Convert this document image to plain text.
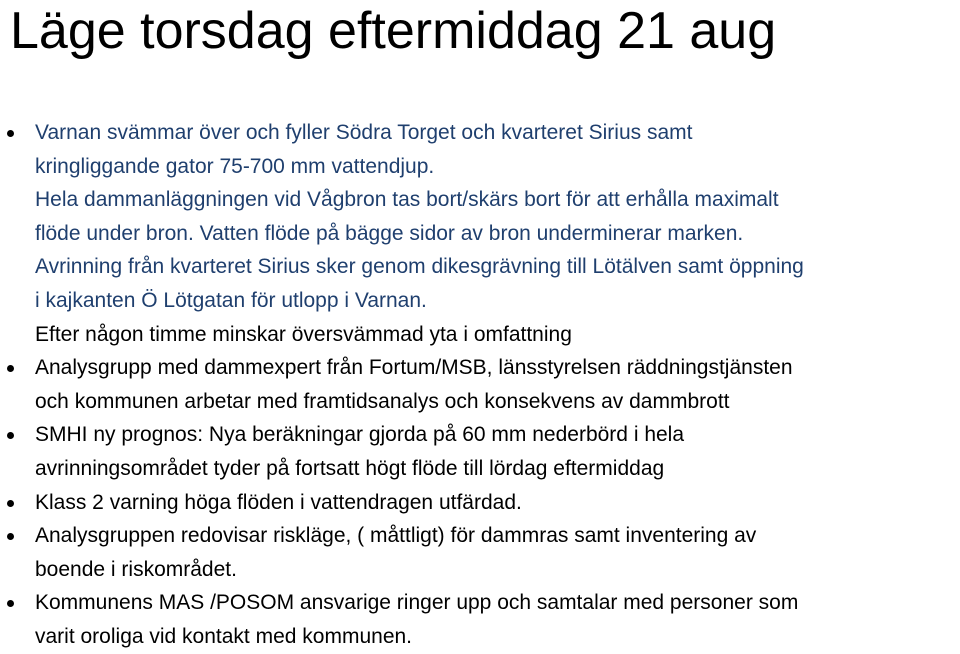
Läge torsdag eftermiddag 21 aug
Varnan svämmar över och fyller Södra Torget och kvarteret Sirius samt
kringliggande gator 75-700 mm vattendjup.
Hela dammanläggningen vid Vågbron tas bort/skärs bort för att erhålla maximalt
flöde under bron. Vatten flöde på bägge sidor av bron underminerar marken.
Avrinning från kvarteret Sirius sker genom dikesgrävning till Lötälven samt öppning
i kajkanten Ö Lötgatan för utlopp i Varnan.
Efter någon timme minskar översvämmad yta i omfattning
Analysgrupp med dammexpert från Fortum/MSB, länsstyrelsen räddningstjänsten
och kommunen arbetar med framtidsanalys och konsekvens av dammbrott
SMHI ny prognos: Nya beräkningar gjorda på 60 mm nederbörd i hela
avrinningsområdet tyder på fortsatt högt flöde till lördag eftermiddag
Klass 2 varning höga flöden i vattendragen utfärdad.
Analysgruppen redovisar riskläge, ( måttligt) för dammras samt inventering av
boende i riskområdet.
Kommunens MAS /POSOM ansvarige ringer upp och samtalar med personer som
varit oroliga vid kontakt med kommunen.
